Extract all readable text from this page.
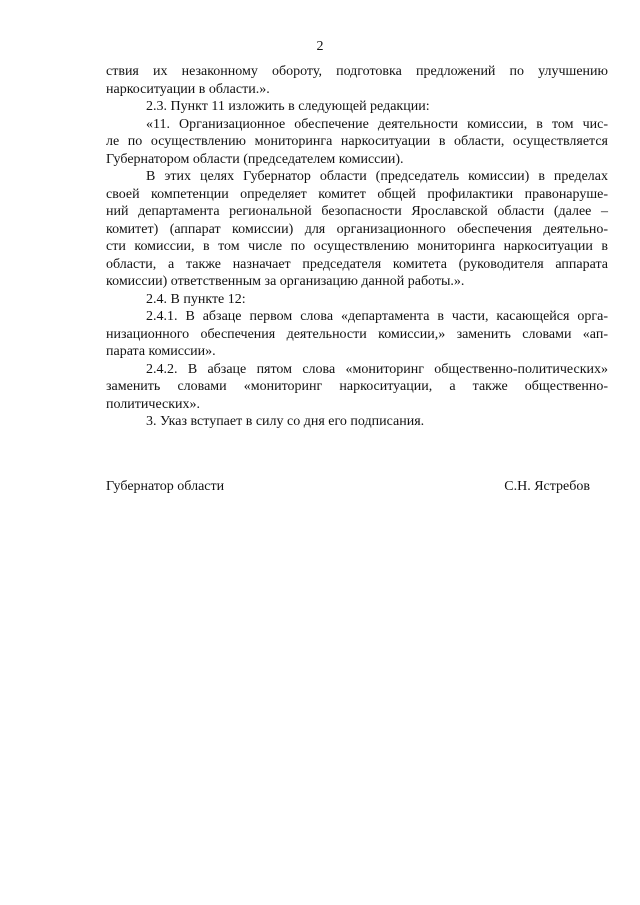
2
ствия их незаконному обороту, подготовка предложений по улучшению
наркоситуации в области.».
2.3. Пункт 11 изложить в следующей редакции:
«11. Организационное обеспечение деятельности комиссии, в том чис-
ле по осуществлению мониторинга наркоситуации в области, осуществляется
Губернатором области (председателем комиссии).
В этих целях Губернатор области (председатель комиссии) в пределах
своей компетенции определяет комитет общей профилактики правонаруше-
ний департамента региональной безопасности Ярославской области (далее –
комитет) (аппарат комиссии) для организационного обеспечения деятельно-
сти комиссии, в том числе по осуществлению мониторинга наркоситуации в
области, а также назначает председателя комитета (руководителя аппарата
комиссии) ответственным за организацию данной работы.».
2.4. В пункте 12:
2.4.1. В абзаце первом слова «департамента в части, касающейся орга-
низационного обеспечения деятельности комиссии,» заменить словами «ап-
парата комиссии».
2.4.2. В абзаце пятом слова «мониторинг общественно-политических»
заменить словами «мониторинг наркоситуации, а также общественно-
политических».
3. Указ вступает в силу со дня его подписания.
Губернатор области	С.Н. Ястребов
